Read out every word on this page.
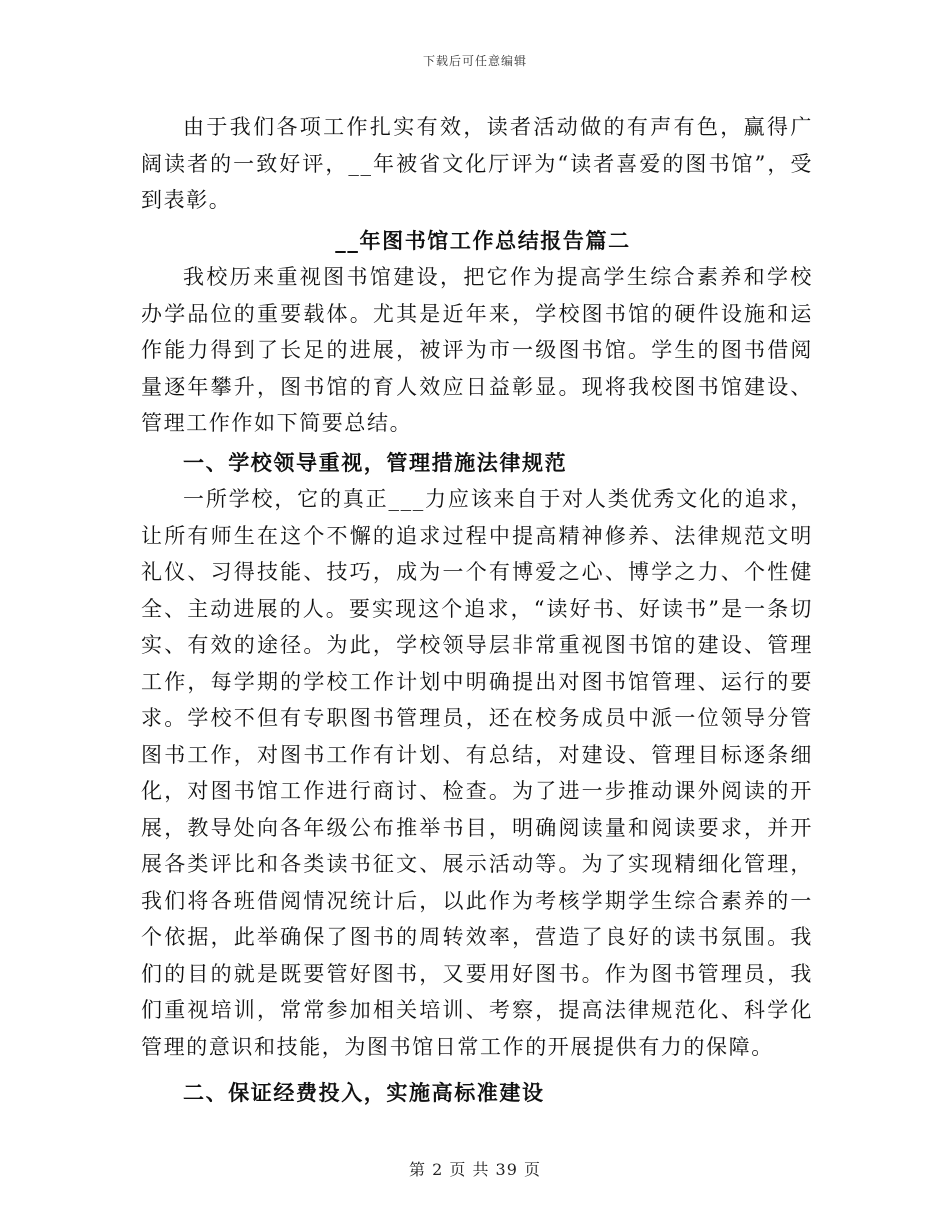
下载后可任意编辑

由于我们各项工作扎实有效，读者活动做的有声有色，赢得广阔读者的一致好评，__年被省文化厅评为“读者喜爱的图书馆”，受到表彰。

__年图书馆工作总结报告篇二

我校历来重视图书馆建设，把它作为提高学生综合素养和学校办学品位的重要载体。尤其是近年来，学校图书馆的硬件设施和运作能力得到了长足的进展，被评为市一级图书馆。学生的图书借阅量逐年攀升，图书馆的育人效应日益彰显。现将我校图书馆建设、管理工作作如下简要总结。

一、学校领导重视，管理措施法律规范

一所学校，它的真正___力应该来自于对人类优秀文化的追求，让所有师生在这个不懈的追求过程中提高精神修养、法律规范文明礼仪、习得技能、技巧，成为一个有博爱之心、博学之力、个性健全、主动进展的人。要实现这个追求，“读好书、好读书”是一条切实、有效的途径。为此，学校领导层非常重视图书馆的建设、管理工作，每学期的学校工作计划中明确提出对图书馆管理、运行的要求。学校不但有专职图书管理员，还在校务成员中派一位领导分管图书工作，对图书工作有计划、有总结，对建设、管理目标逐条细化，对图书馆工作进行商讨、检查。为了进一步推动课外阅读的开展，教导处向各年级公布推举书目，明确阅读量和阅读要求，并开展各类评比和各类读书征文、展示活动等。为了实现精细化管理，我们将各班借阅情况统计后，以此作为考核学期学生综合素养的一个依据，此举确保了图书的周转效率，营造了良好的读书氛围。我们的目的就是既要管好图书，又要用好图书。作为图书管理员，我们重视培训，常常参加相关培训、考察，提高法律规范化、科学化管理的意识和技能，为图书馆日常工作的开展提供有力的保障。

二、保证经费投入，实施高标准建设

第 2 页 共 39 页
